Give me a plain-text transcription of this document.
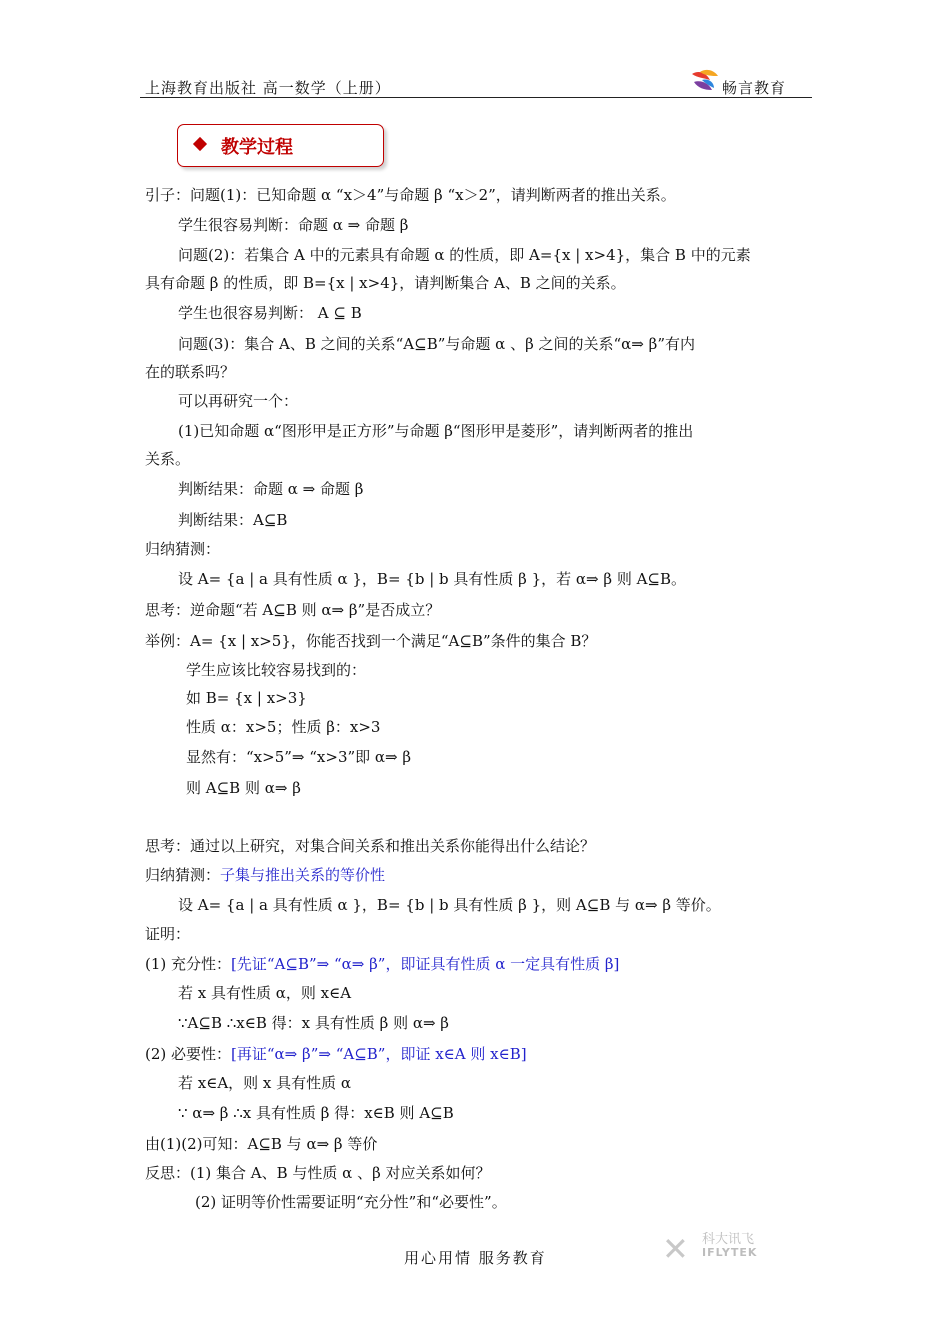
上海教育出版社 高一数学（上册）	畅言教育
教学过程
引子：问题(1)：已知命题 α “x＞4”与命题 β “x＞2”，请判断两者的推出关系。
学生很容易判断：命题 α ⇒ 命题 β
问题(2)：若集合 A 中的元素具有命题 α 的性质，即 A={x | x>4}，集合 B 中的元素
具有命题 β 的性质，即 B={x | x>4}，请判断集合 A、B 之间的关系。
学生也很容易判断： A ⊆ B
问题(3)：集合 A、B 之间的关系“A⊆B”与命题 α 、β 之间的关系“α⇒ β”有内
在的联系吗？
可以再研究一个：
(1)已知命题 α“图形甲是正方形”与命题 β“图形甲是菱形”，请判断两者的推出
关系。
判断结果：命题 α ⇒ 命题 β
判断结果：A⊆B
归纳猜测：
设 A= {a | a 具有性质 α }，B= {b | b 具有性质 β }，若 α⇒ β 则 A⊆B。
思考：逆命题“若 A⊆B 则 α⇒ β”是否成立？
举例：A= {x | x>5}，你能否找到一个满足“A⊆B”条件的集合 B？
学生应该比较容易找到的：
如 B= {x | x>3}
性质 α：x>5；性质 β：x>3
显然有：“x>5”⇒ “x>3”即 α⇒ β
则 A⊆B 则 α⇒ β
思考：通过以上研究，对集合间关系和推出关系你能得出什么结论？
归纳猜测：子集与推出关系的等价性
设 A= {a | a 具有性质 α }，B= {b | b 具有性质 β }，则 A⊆B 与 α⇒ β 等价。
证明：
(1) 充分性：[先证“A⊆B”⇒ “α⇒ β”，即证具有性质 α 一定具有性质 β]
若 x 具有性质 α，则 x∈A
∵A⊆B ∴x∈B 得：x 具有性质 β 则 α⇒ β
(2) 必要性：[再证“α⇒ β”⇒ “A⊆B”，即证 x∈A 则 x∈B]
若 x∈A，则 x 具有性质 α
∵ α⇒ β ∴x 具有性质 β 得：x∈B 则 A⊆B
由(1)(2)可知：A⊆B 与 α⇒ β 等价
反思：(1) 集合 A、B 与性质 α 、β 对应关系如何？
(2) 证明等价性需要证明“充分性”和“必要性”。
用心用情 服务教育	✕ 科大讯飞
IFLYTEK
